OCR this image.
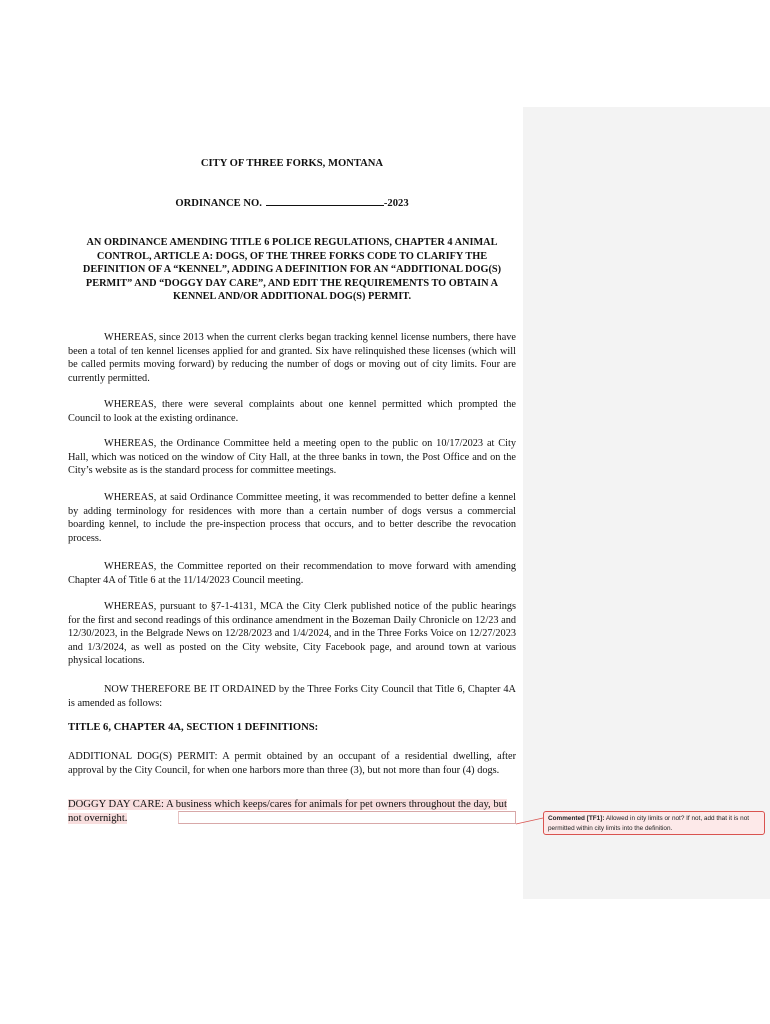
CITY OF THREE FORKS, MONTANA
ORDINANCE NO.	-2023
AN ORDINANCE AMENDING TITLE 6 POLICE REGULATIONS, CHAPTER 4 ANIMAL CONTROL, ARTICLE A: DOGS, OF THE THREE FORKS CODE TO CLARIFY THE DEFINITION OF A “KENNEL”, ADDING A DEFINITION FOR AN “ADDITIONAL DOG(S) PERMIT” AND “DOGGY DAY CARE”, AND EDIT THE REQUIREMENTS TO OBTAIN A KENNEL AND/OR ADDITIONAL DOG(S) PERMIT.

WHEREAS, since 2013 when the current clerks began tracking kennel license numbers, there have been a total of ten kennel licenses applied for and granted. Six have relinquished these licenses (which will be called permits moving forward) by reducing the number of dogs or moving out of city limits. Four are currently permitted.

WHEREAS, there were several complaints about one kennel permitted which prompted the Council to look at the existing ordinance.

WHEREAS, the Ordinance Committee held a meeting open to the public on 10/17/2023 at City Hall, which was noticed on the window of City Hall, at the three banks in town, the Post Office and on the City’s website as is the standard process for committee meetings.

WHEREAS, at said Ordinance Committee meeting, it was recommended to better define a kennel by adding terminology for residences with more than a certain number of dogs versus a commercial boarding kennel, to include the pre-inspection process that occurs, and to better describe the revocation process.

WHEREAS, the Committee reported on their recommendation to move forward with amending Chapter 4A of Title 6 at the 11/14/2023 Council meeting.

WHEREAS, pursuant to §7-1-4131, MCA the City Clerk published notice of the public hearings for the first and second readings of this ordinance amendment in the Bozeman Daily Chronicle on 12/23 and 12/30/2023, in the Belgrade News on 12/28/2023 and 1/4/2024, and in the Three Forks Voice on 12/27/2023 and 1/3/2024, as well as posted on the City website, City Facebook page, and around town at various physical locations.

NOW THEREFORE BE IT ORDAINED by the Three Forks City Council that Title 6, Chapter 4A is amended as follows:

TITLE 6, CHAPTER 4A, SECTION 1 DEFINITIONS:

ADDITIONAL DOG(S) PERMIT: A permit obtained by an occupant of a residential dwelling, after approval by the City Council, for when one harbors more than three (3), but not more than four (4) dogs.

DOGGY DAY CARE: A business which keeps/cares for animals for pet owners throughout the day, but not overnight.	Commented [TF1]: Allowed in city limits or not? If not, add that it is not permitted within city limits into the definition.
